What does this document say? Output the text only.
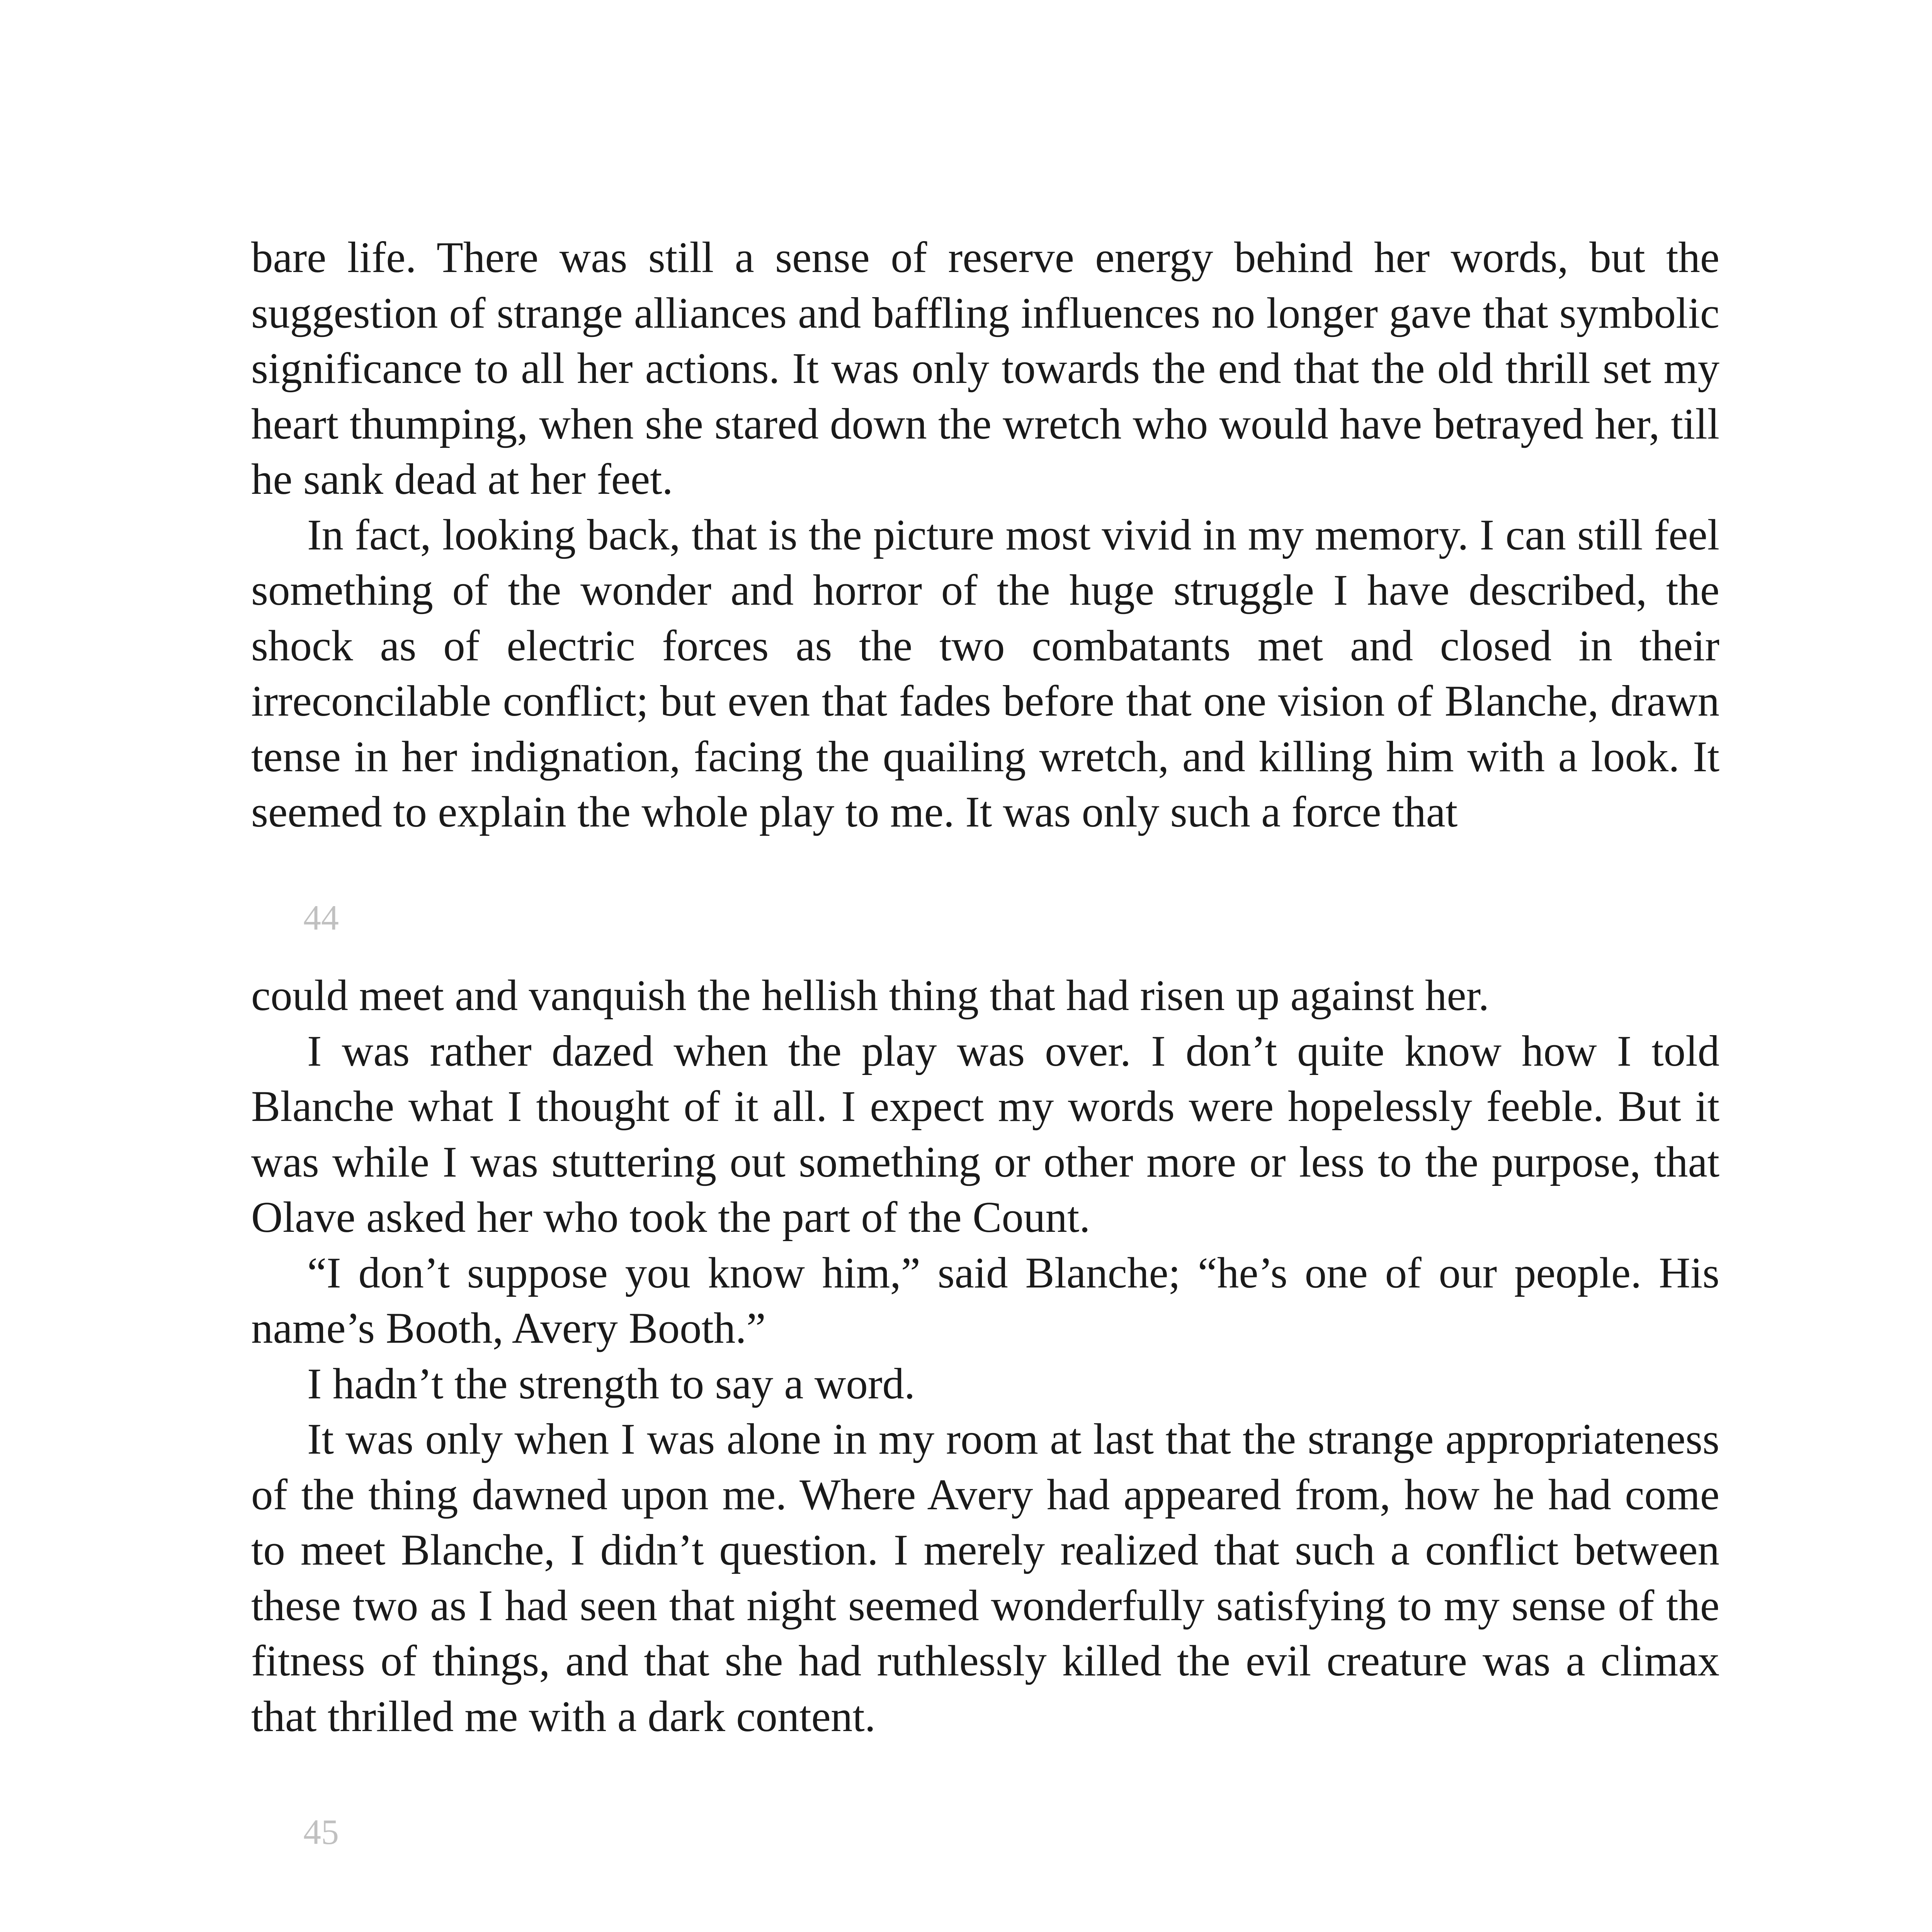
bare life. There was still a sense of reserve energy behind her words, but the suggestion of strange alliances and baffling influences no longer gave that symbolic significance to all her actions. It was only towards the end that the old thrill set my heart thumping, when she stared down the wretch who would have betrayed her, till he sank dead at her feet.

In fact, looking back, that is the picture most vivid in my memory. I can still feel something of the wonder and horror of the huge struggle I have described, the shock as of electric forces as the two combatants met and closed in their irreconcilable conflict; but even that fades before that one vision of Blanche, drawn tense in her indignation, facing the quailing wretch, and killing him with a look. It seemed to explain the whole play to me. It was only such a force that

44

could meet and vanquish the hellish thing that had risen up against her.

I was rather dazed when the play was over. I don’t quite know how I told Blanche what I thought of it all. I expect my words were hopelessly feeble. But it was while I was stuttering out something or other more or less to the purpose, that Olave asked her who took the part of the Count.

“I don’t suppose you know him,” said Blanche; “he’s one of our people. His name’s Booth, Avery Booth.”

I hadn’t the strength to say a word.

It was only when I was alone in my room at last that the strange appropriateness of the thing dawned upon me. Where Avery had appeared from, how he had come to meet Blanche, I didn’t question. I merely realized that such a conflict between these two as I had seen that night seemed wonderfully satisfying to my sense of the fitness of things, and that she had ruthlessly killed the evil creature was a climax that thrilled me with a dark content.

45
